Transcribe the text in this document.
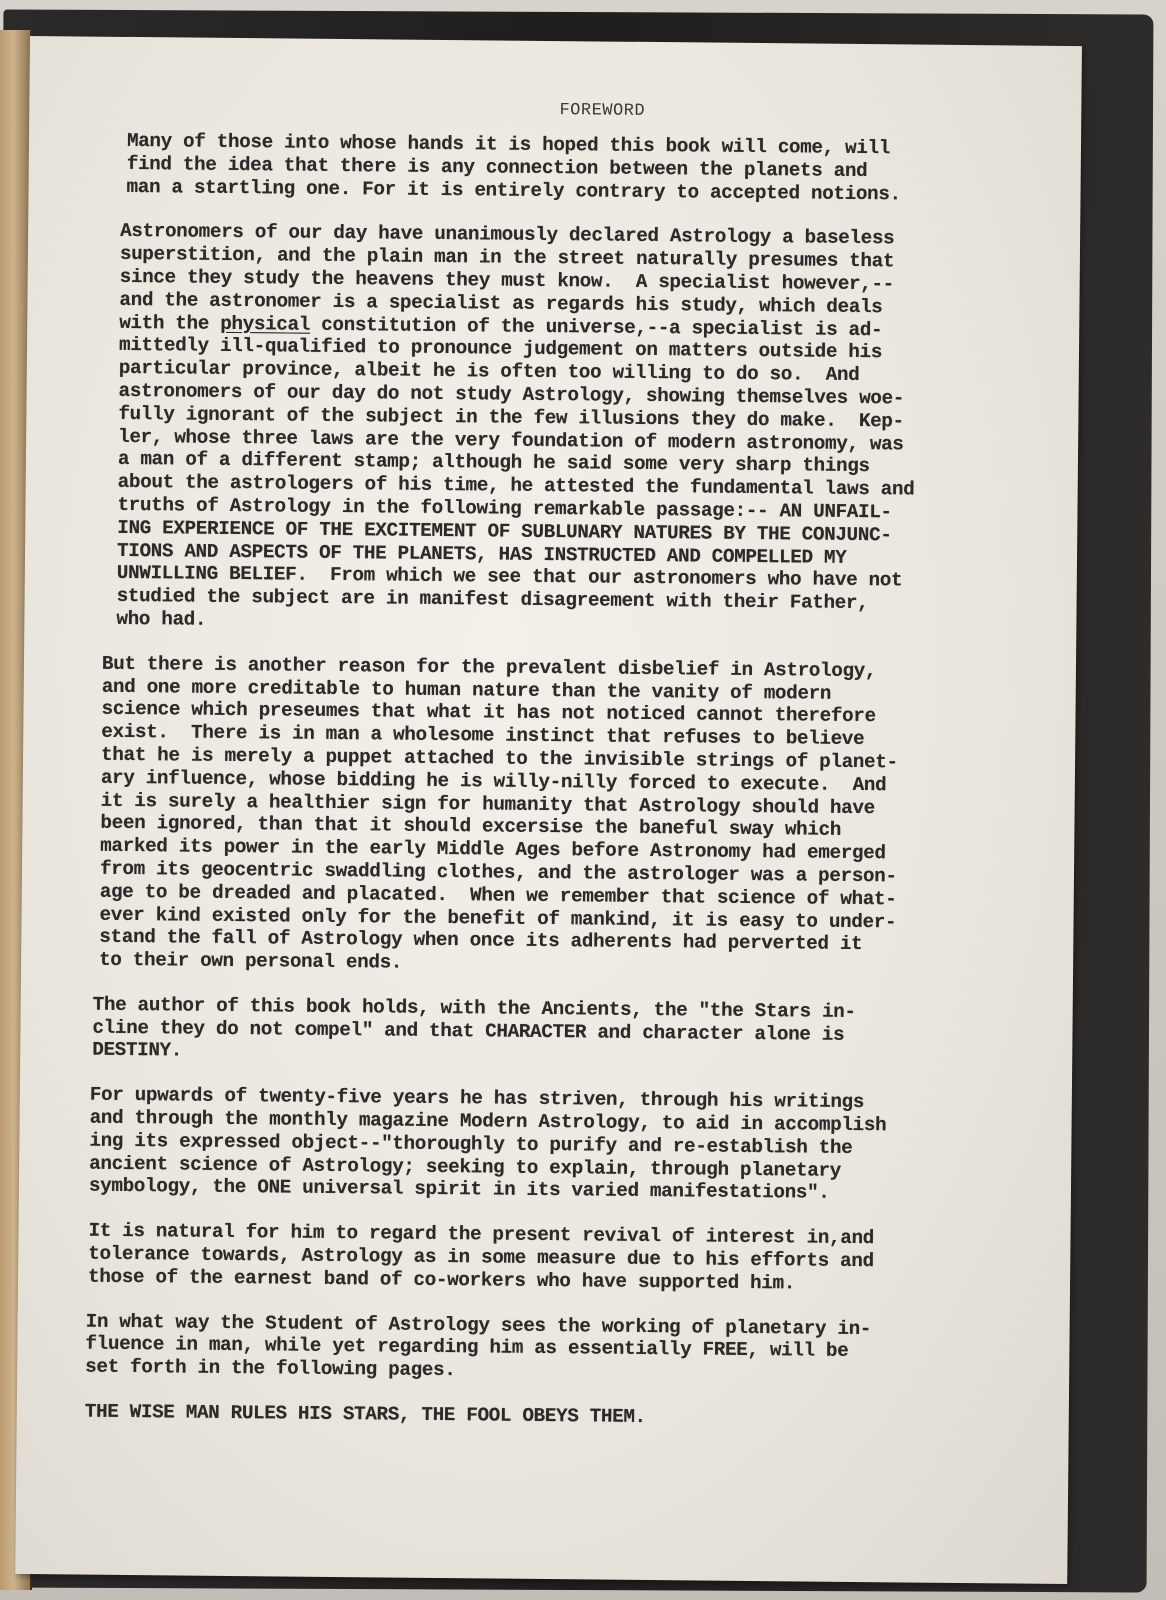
FOREWORD
Many of those into whose hands it is hoped this book will come, will
find the idea that there is any connection between the planets and
man a startling one. For it is entirely contrary to accepted notions.
Astronomers of our day have unanimously declared Astrology a baseless
superstition, and the plain man in the street naturally presumes that
since they study the heavens they must know.  A specialist however,--
and the astronomer is a specialist as regards his study, which deals
with the physical constitution of the universe,--a specialist is ad-
mittedly ill-qualified to pronounce judgement on matters outside his
particular province, albeit he is often too willing to do so.  And
astronomers of our day do not study Astrology, showing themselves woe-
fully ignorant of the subject in the few illusions they do make.  Kep-
ler, whose three laws are the very foundation of modern astronomy, was
a man of a different stamp; although he said some very sharp things
about the astrologers of his time, he attested the fundamental laws and
truths of Astrology in the following remarkable passage:-- AN UNFAIL-
ING EXPERIENCE OF THE EXCITEMENT OF SUBLUNARY NATURES BY THE CONJUNC-
TIONS AND ASPECTS OF THE PLANETS, HAS INSTRUCTED AND COMPELLED MY
UNWILLING BELIEF.  From which we see that our astronomers who have not
studied the subject are in manifest disagreement with their Father,
who had.
But there is another reason for the prevalent disbelief in Astrology,
and one more creditable to human nature than the vanity of modern
science which preseumes that what it has not noticed cannot therefore
exist.  There is in man a wholesome instinct that refuses to believe
that he is merely a puppet attached to the invisible strings of planet-
ary influence, whose bidding he is willy-nilly forced to execute.  And
it is surely a healthier sign for humanity that Astrology should have
been ignored, than that it should excersise the baneful sway which
marked its power in the early Middle Ages before Astronomy had emerged
from its geocentric swaddling clothes, and the astrologer was a person-
age to be dreaded and placated.  When we remember that science of what-
ever kind existed only for the benefit of mankind, it is easy to under-
stand the fall of Astrology when once its adherents had perverted it
to their own personal ends.
The author of this book holds, with the Ancients, the "the Stars in-
cline they do not compel" and that CHARACTER and character alone is
DESTINY.
For upwards of twenty-five years he has striven, through his writings
and through the monthly magazine Modern Astrology, to aid in accomplish
ing its expressed object--"thoroughly to purify and re-establish the
ancient science of Astrology; seeking to explain, through planetary
symbology, the ONE universal spirit in its varied manifestations".
It is natural for him to regard the present revival of interest in,and
tolerance towards, Astrology as in some measure due to his efforts and
those of the earnest band of co-workers who have supported him.
In what way the Student of Astrology sees the working of planetary in-
fluence in man, while yet regarding him as essentially FREE, will be
set forth in the following pages.
THE WISE MAN RULES HIS STARS, THE FOOL OBEYS THEM.
